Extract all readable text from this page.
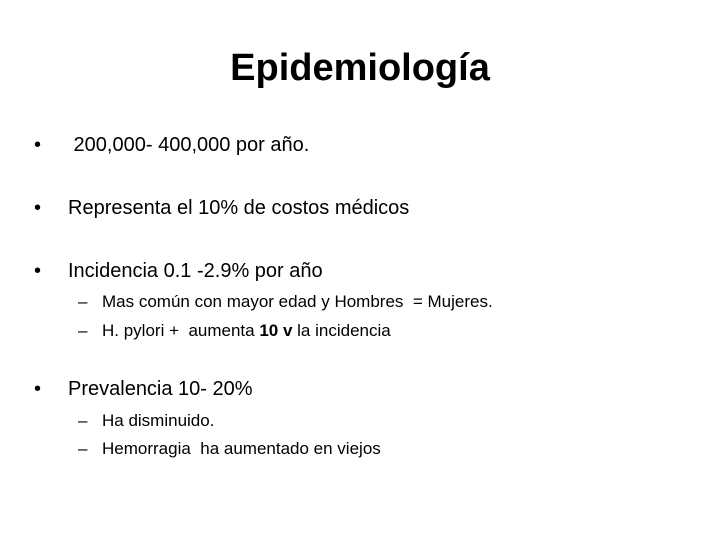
Epidemiología
•	200,000- 400,000 por año.
•	Representa el 10% de costos médicos
•	Incidencia 0.1 -2.9% por año
– Mas común con mayor edad y Hombres  = Mujeres.
– H. pylori +  aumenta 10 v la incidencia
•	Prevalencia 10- 20%
– Ha disminuido.
– Hemorragia  ha aumentado en viejos
